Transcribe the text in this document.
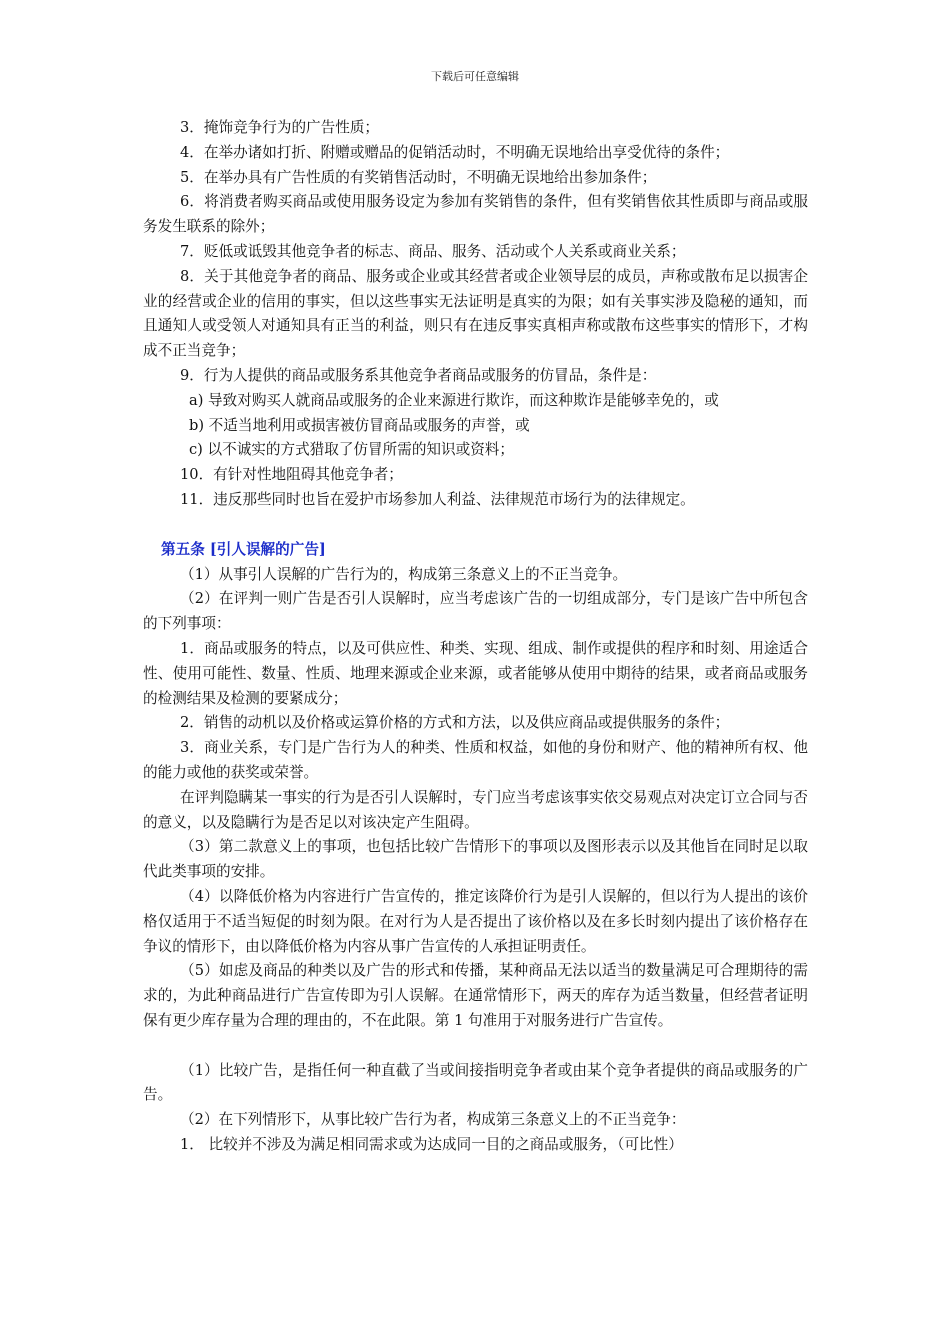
下载后可任意编辑

3．掩饰竞争行为的广告性质；

4．在举办诸如打折、附赠或赠品的促销活动时，不明确无误地给出享受优待的条件；

5．在举办具有广告性质的有奖销售活动时，不明确无误地给出参加条件；

6．将消费者购买商品或使用服务设定为参加有奖销售的条件，但有奖销售依其性质即与商品或服务发生联系的除外；

7．贬低或诋毁其他竞争者的标志、商品、服务、活动或个人关系或商业关系；

8．关于其他竞争者的商品、服务或企业或其经营者或企业领导层的成员，声称或散布足以损害企业的经营或企业的信用的事实，但以这些事实无法证明是真实的为限；如有关事实涉及隐秘的通知，而且通知人或受领人对通知具有正当的利益，则只有在违反事实真相声称或散布这些事实的情形下，才构成不正当竞争；

9．行为人提供的商品或服务系其他竞争者商品或服务的仿冒品，条件是：

a) 导致对购买人就商品或服务的企业来源进行欺诈，而这种欺诈是能够幸免的，或

b) 不适当地利用或损害被仿冒商品或服务的声誉，或

c) 以不诚实的方式猎取了仿冒所需的知识或资料；

10．有针对性地阻碍其他竞争者；

11．违反那些同时也旨在爱护市场参加人利益、法律规范市场行为的法律规定。

第五条 [引人误解的广告]

（1）从事引人误解的广告行为的，构成第三条意义上的不正当竞争。

（2）在评判一则广告是否引人误解时，应当考虑该广告的一切组成部分，专门是该广告中所包含的下列事项：

1．商品或服务的特点，以及可供应性、种类、实现、组成、制作或提供的程序和时刻、用途适合性、使用可能性、数量、性质、地理来源或企业来源，或者能够从使用中期待的结果，或者商品或服务的检测结果及检测的要紧成分；

2．销售的动机以及价格或运算价格的方式和方法，以及供应商品或提供服务的条件；

3．商业关系，专门是广告行为人的种类、性质和权益，如他的身份和财产、他的精神所有权、他的能力或他的获奖或荣誉。

在评判隐瞒某一事实的行为是否引人误解时，专门应当考虑该事实依交易观点对决定订立合同与否的意义，以及隐瞒行为是否足以对该决定产生阻碍。

（3）第二款意义上的事项，也包括比较广告情形下的事项以及图形表示以及其他旨在同时足以取代此类事项的安排。

（4）以降低价格为内容进行广告宣传的，推定该降价行为是引人误解的，但以行为人提出的该价格仅适用于不适当短促的时刻为限。在对行为人是否提出了该价格以及在多长时刻内提出了该价格存在争议的情形下，由以降低价格为内容从事广告宣传的人承担证明责任。

（5）如虑及商品的种类以及广告的形式和传播，某种商品无法以适当的数量满足可合理期待的需求的，为此种商品进行广告宣传即为引人误解。在通常情形下，两天的库存为适当数量，但经营者证明保有更少库存量为合理的理由的，不在此限。第 1 句准用于对服务进行广告宣传。

（1）比较广告，是指任何一种直截了当或间接指明竞争者或由某个竞争者提供的商品或服务的广告。

（2）在下列情形下，从事比较广告行为者，构成第三条意义上的不正当竞争：

1． 比较并不涉及为满足相同需求或为达成同一目的之商品或服务，（可比性）
